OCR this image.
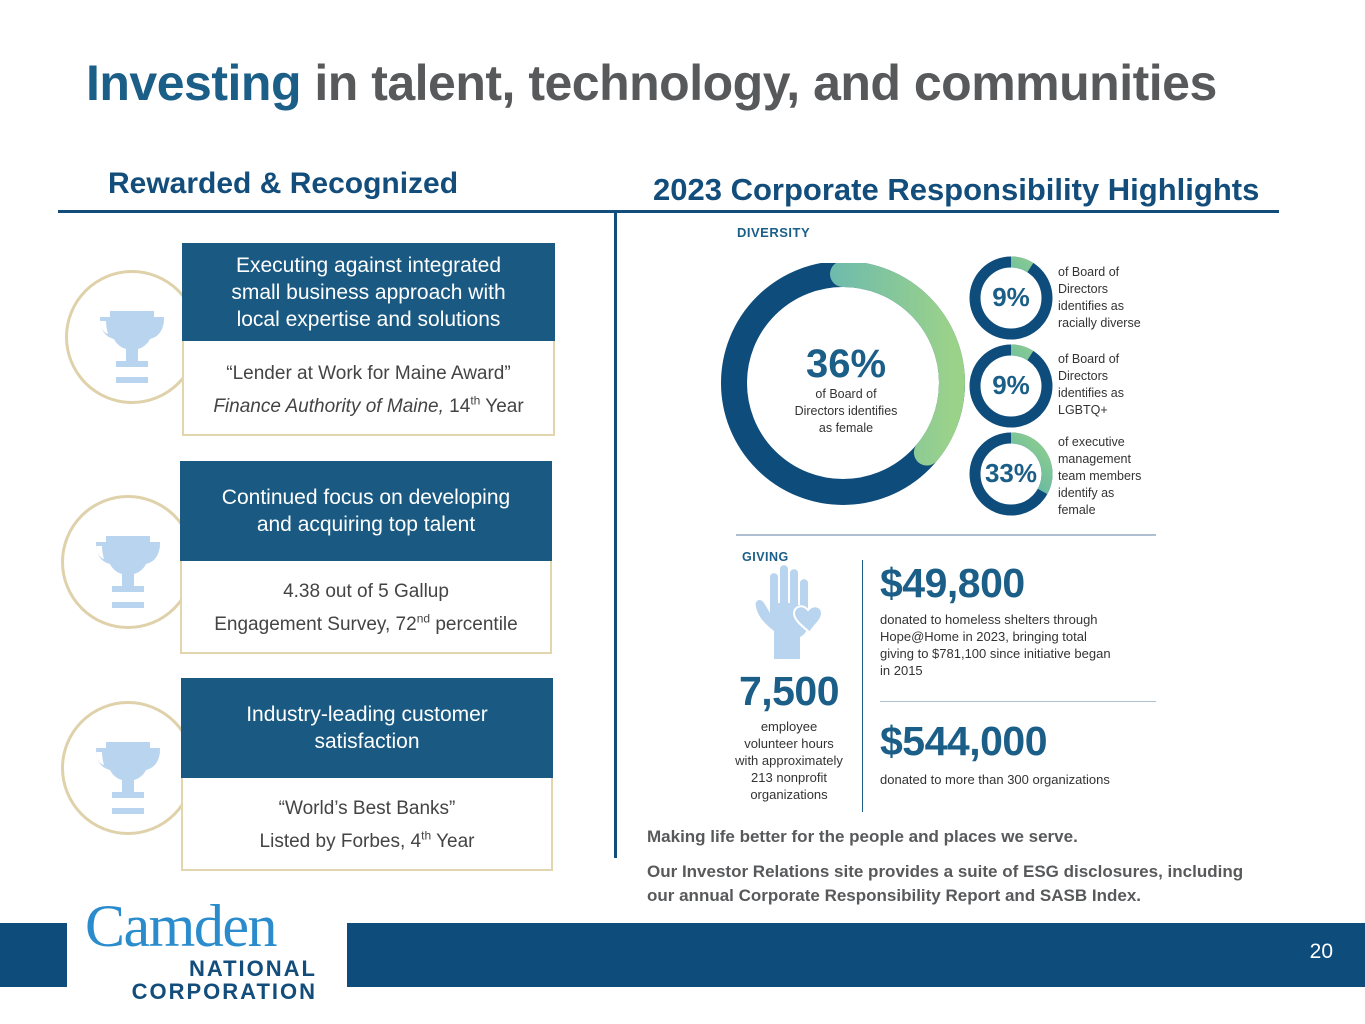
Investing in talent, technology, and communities
Rewarded & Recognized	2023 Corporate Responsibility Highlights
Executing against integrated
small business approach with
local expertise and solutions
“Lender at Work for Maine Award”
Finance Authority of Maine, 14th Year
Continued focus on developing
and acquiring top talent
4.38 out of 5 Gallup
Engagement Survey, 72nd percentile
Industry-leading customer
satisfaction
“World’s Best Banks”
Listed by Forbes, 4th Year
DIVERSITY
36%
of Board of
Directors identifies
as female
9%
9%
33%
of Board of
Directors
identifies as
racially diverse
of Board of
Directors
identifies as
LGBTQ+
of executive
management
team members
identify as
female
GIVING
7,500
employee
volunteer hours
with approximately
213 nonprofit
organizations
$49,800
donated to homeless shelters through
Hope@Home in 2023, bringing total
giving to $781,100 since initiative began
in 2015
$544,000
donated to more than 300 organizations
Making life better for the people and places we serve.
Our Investor Relations site provides a suite of ESG disclosures, including
our annual Corporate Responsibility Report and SASB Index.
Camden
NATIONAL
CORPORATION
20
